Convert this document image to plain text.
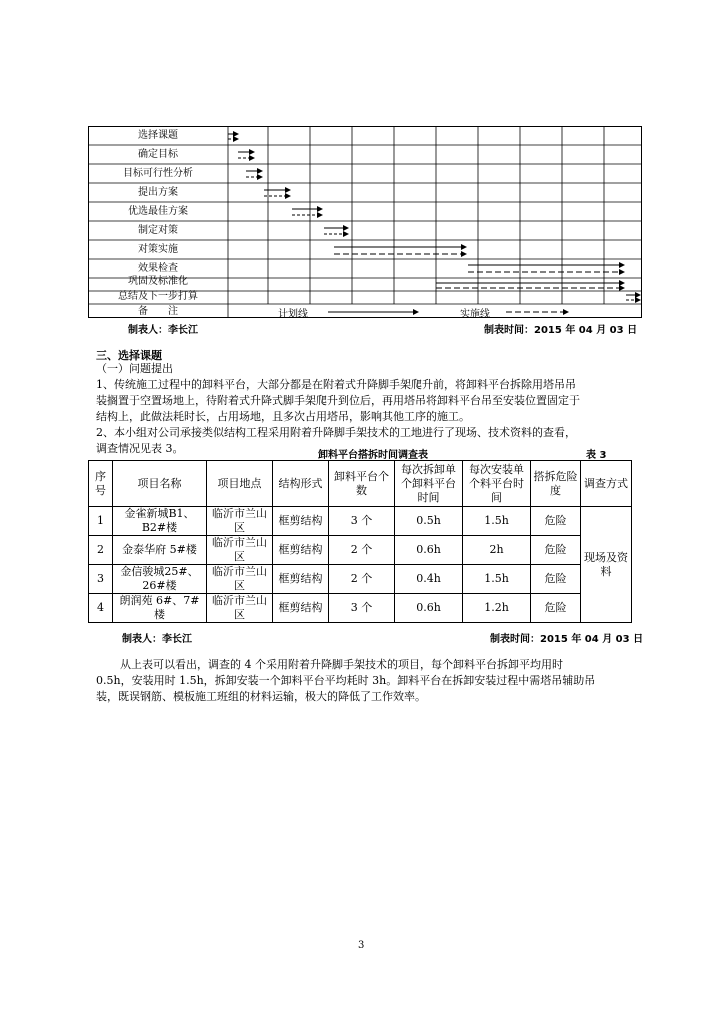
选择课题
确定目标
目标可行性分析
提出方案
优选最佳方案
制定对策
对策实施
效果检查
巩固及标准化
总结及下一步打算
备　　注	计划线	实施线
制表人：李长江	制表时间：2015 年 04 月 03 日
三、选择课题
（一）问题提出
1、传统施工过程中的卸料平台，大部分都是在附着式升降脚手架爬升前，将卸料平台拆除用塔吊吊
装搁置于空置场地上，待附着式升降式脚手架爬升到位后，再用塔吊将卸料平台吊至安装位置固定于
结构上，此做法耗时长，占用场地，且多次占用塔吊，影响其他工序的施工。
2、本小组对公司承接类似结构工程采用附着升降脚手架技术的工地进行了现场、技术资料的查看，
调查情况见表 3。
卸料平台搭拆时间调查表	表 3
序号	项目名称	项目地点	结构形式	卸料平台个数	每次拆卸单个卸料平台时间	每次安装单个料平台时间	搭拆危险度	调查方式
1	金雀新城B1、B2#楼	临沂市兰山区	框剪结构	3 个	0.5h	1.5h	危险	现场及资料
2	金泰华府 5#楼	临沂市兰山区	框剪结构	2 个	0.6h	2h	危险	
3	金信骏城25#、26#楼	临沂市兰山区	框剪结构	2 个	0.4h	1.5h	危险	
4	朗润苑 6#、7#楼	临沂市兰山区	框剪结构	3 个	0.6h	1.2h	危险	
制表人：李长江	制表时间：2015 年 04 月 03 日
从上表可以看出，调查的 4 个采用附着升降脚手架技术的项目，每个卸料平台拆卸平均用时
0.5h，安装用时 1.5h，拆卸安装一个卸料平台平均耗时 3h。卸料平台在拆卸安装过程中需塔吊辅助吊
装，既误钢筋、模板施工班组的材料运输，极大的降低了工作效率。
3
